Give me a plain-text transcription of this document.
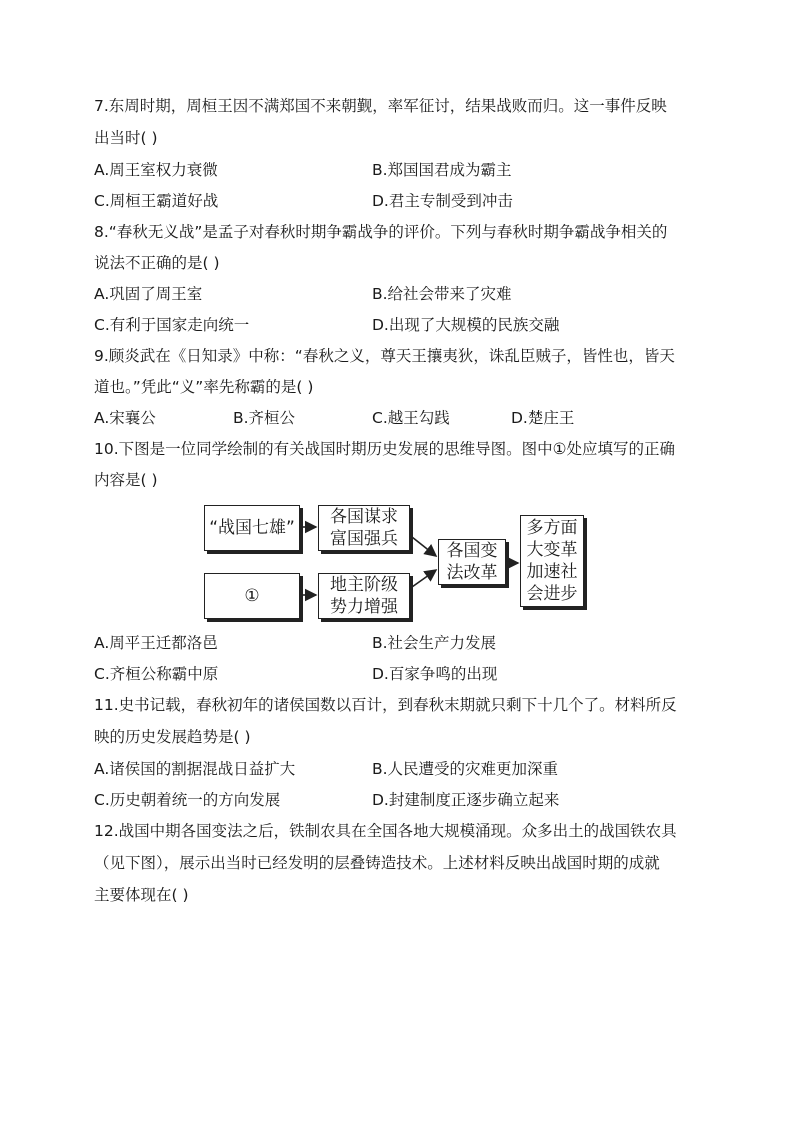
7.东周时期，周桓王因不满郑国不来朝觐，率军征讨，结果战败而归。这一事件反映
出当时( )
A.周王室权力衰微	B.郑国国君成为霸主
C.周桓王霸道好战	D.君主专制受到冲击
8.“春秋无义战”是孟子对春秋时期争霸战争的评价。下列与春秋时期争霸战争相关的
说法不正确的是( )
A.巩固了周王室	B.给社会带来了灾难
C.有利于国家走向统一	D.出现了大规模的民族交融
9.顾炎武在《日知录》中称：“春秋之义，尊天王攘夷狄，诛乱臣贼子，皆性也，皆天
道也。”凭此“义”率先称霸的是( )
A.宋襄公	B.齐桓公	C.越王勾践	D.楚庄王
10.下图是一位同学绘制的有关战国时期历史发展的思维导图。图中①处应填写的正确
内容是( )
“战国七雄”
①
各国谋求
富国强兵
地主阶级
势力增强
各国变
法改革
多方面
大变革
加速社
会进步
A.周平王迁都洛邑	B.社会生产力发展
C.齐桓公称霸中原	D.百家争鸣的出现
11.史书记载，春秋初年的诸侯国数以百计，到春秋末期就只剩下十几个了。材料所反
映的历史发展趋势是( )
A.诸侯国的割据混战日益扩大	B.人民遭受的灾难更加深重
C.历史朝着统一的方向发展	D.封建制度正逐步确立起来
12.战国中期各国变法之后，铁制农具在全国各地大规模涌现。众多出土的战国铁农具
（见下图），展示出当时已经发明的层叠铸造技术。上述材料反映出战国时期的成就
主要体现在( )
